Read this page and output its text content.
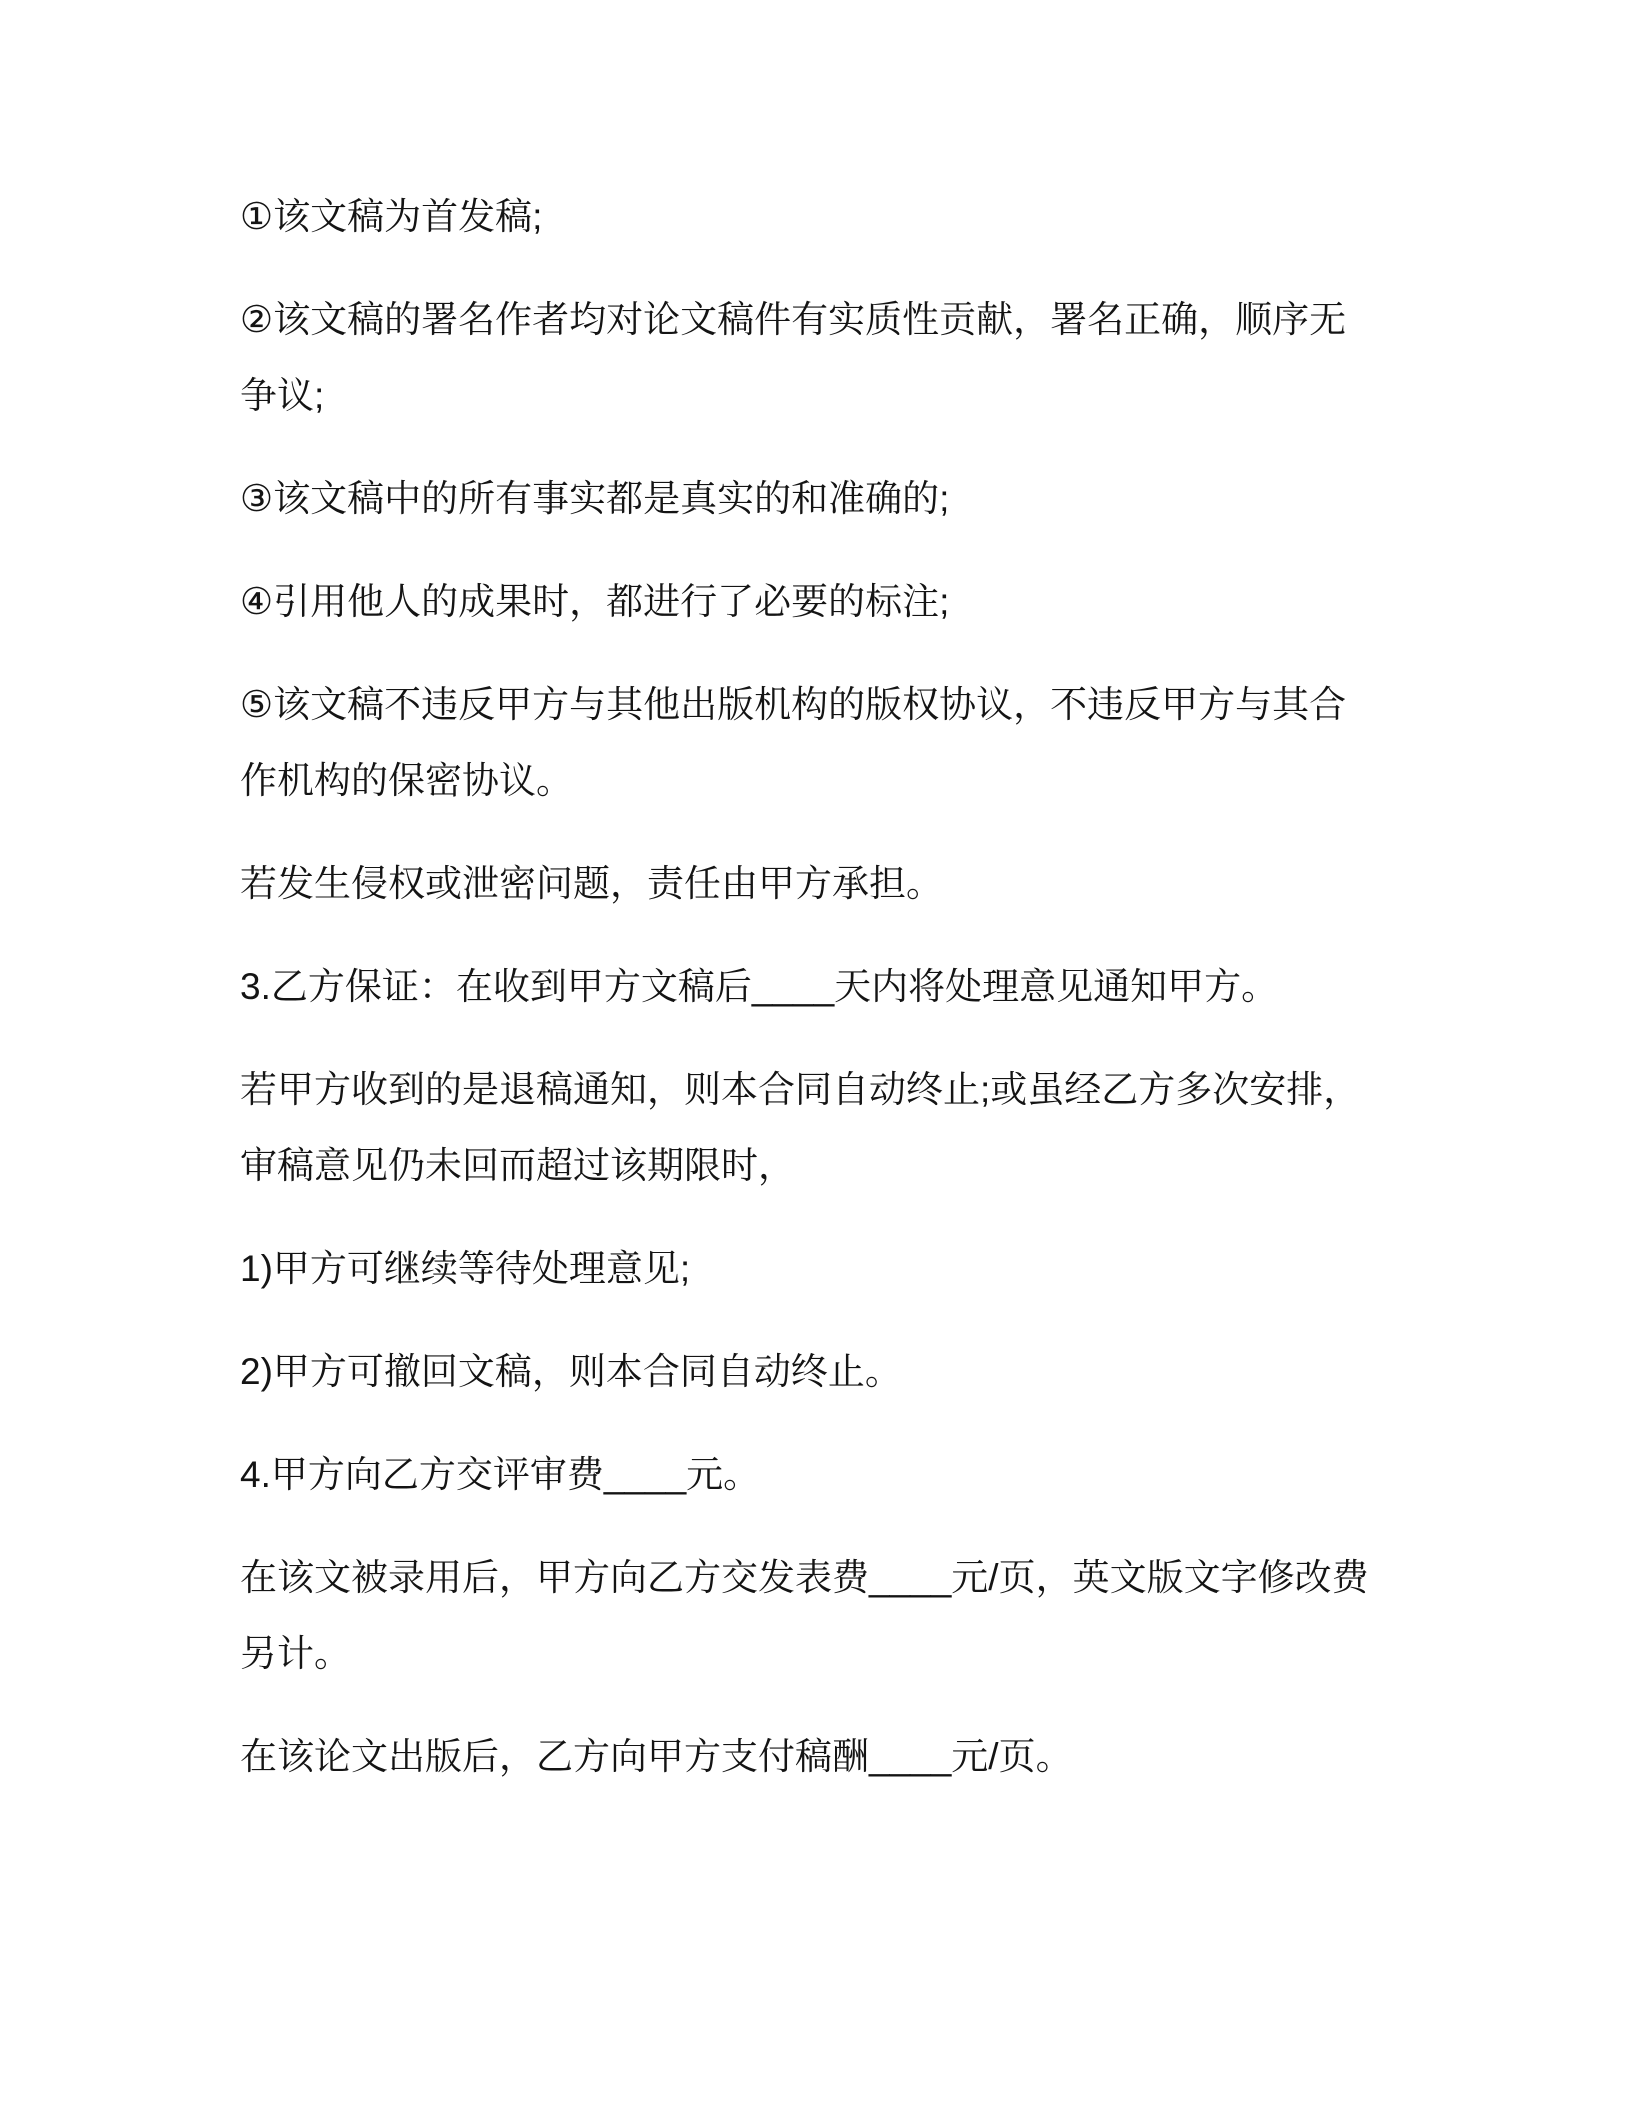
①该文稿为首发稿;

②该文稿的署名作者均对论文稿件有实质性贡献，署名正确，顺序无
争议;

③该文稿中的所有事实都是真实的和准确的;

④引用他人的成果时，都进行了必要的标注;

⑤该文稿不违反甲方与其他出版机构的版权协议，不违反甲方与其合
作机构的保密协议。

若发生侵权或泄密问题，责任由甲方承担。

3.乙方保证：在收到甲方文稿后____天内将处理意见通知甲方。

若甲方收到的是退稿通知，则本合同自动终止;或虽经乙方多次安排，
审稿意见仍未回而超过该期限时，

1)甲方可继续等待处理意见;

2)甲方可撤回文稿，则本合同自动终止。

4.甲方向乙方交评审费____元。

在该文被录用后，甲方向乙方交发表费____元/页，英文版文字修改费
另计。

在该论文出版后，乙方向甲方支付稿酬____元/页。
